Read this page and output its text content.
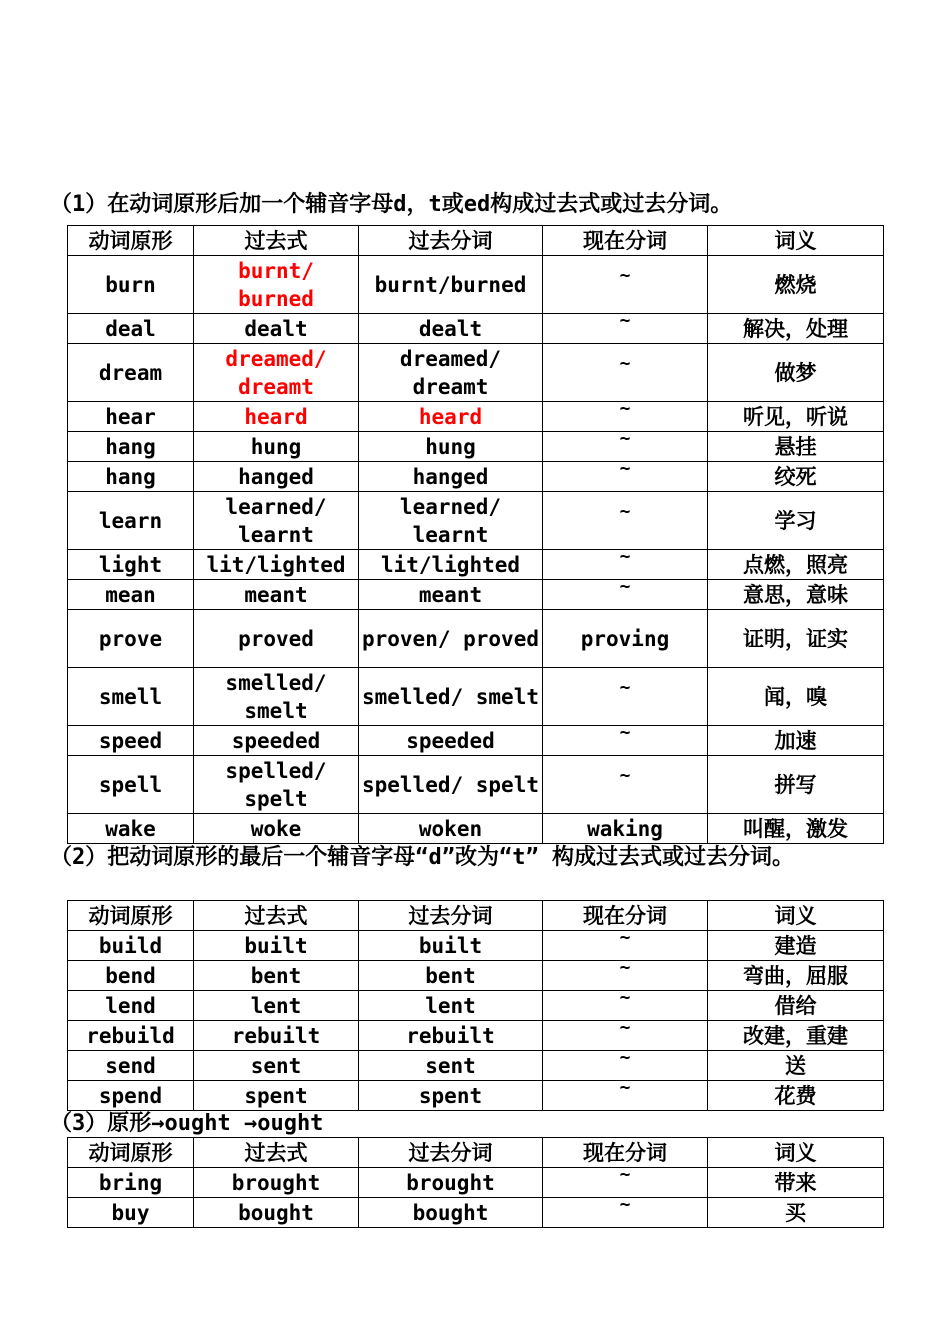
（1）在动词原形后加一个辅音字母d，t或ed构成过去式或过去分词。
动词原形	过去式	过去分词	现在分词	词义
burn	burnt/ burned	burnt/burned	~	燃烧
deal	dealt	dealt	~	解决，处理
dream	dreamed/ dreamt	dreamed/ dreamt	~	做梦
hear	heard	heard	~	听见，听说
hang	hung	hung	~	悬挂
hang	hanged	hanged	~	绞死
learn	learned/ learnt	learned/ learnt	~	学习
light	lit/lighted	lit/lighted	~	点燃，照亮
mean	meant	meant	~	意思，意味
prove	proved	proven/ proved	proving	证明，证实
smell	smelled/ smelt	smelled/ smelt	~	闻，嗅
speed	speeded	speeded	~	加速
spell	spelled/ spelt	spelled/ spelt	~	拼写
wake	woke	woken	waking	叫醒，激发
（2）把动词原形的最后一个辅音字母“d”改为“t” 构成过去式或过去分词。
动词原形	过去式	过去分词	现在分词	词义
build	built	built	~	建造
bend	bent	bent	~	弯曲，屈服
lend	lent	lent	~	借给
rebuild	rebuilt	rebuilt	~	改建，重建
send	sent	sent	~	送
spend	spent	spent	~	花费
（3）原形→ought →ought
动词原形	过去式	过去分词	现在分词	词义
bring	brought	brought	~	带来
buy	bought	bought	~	买
